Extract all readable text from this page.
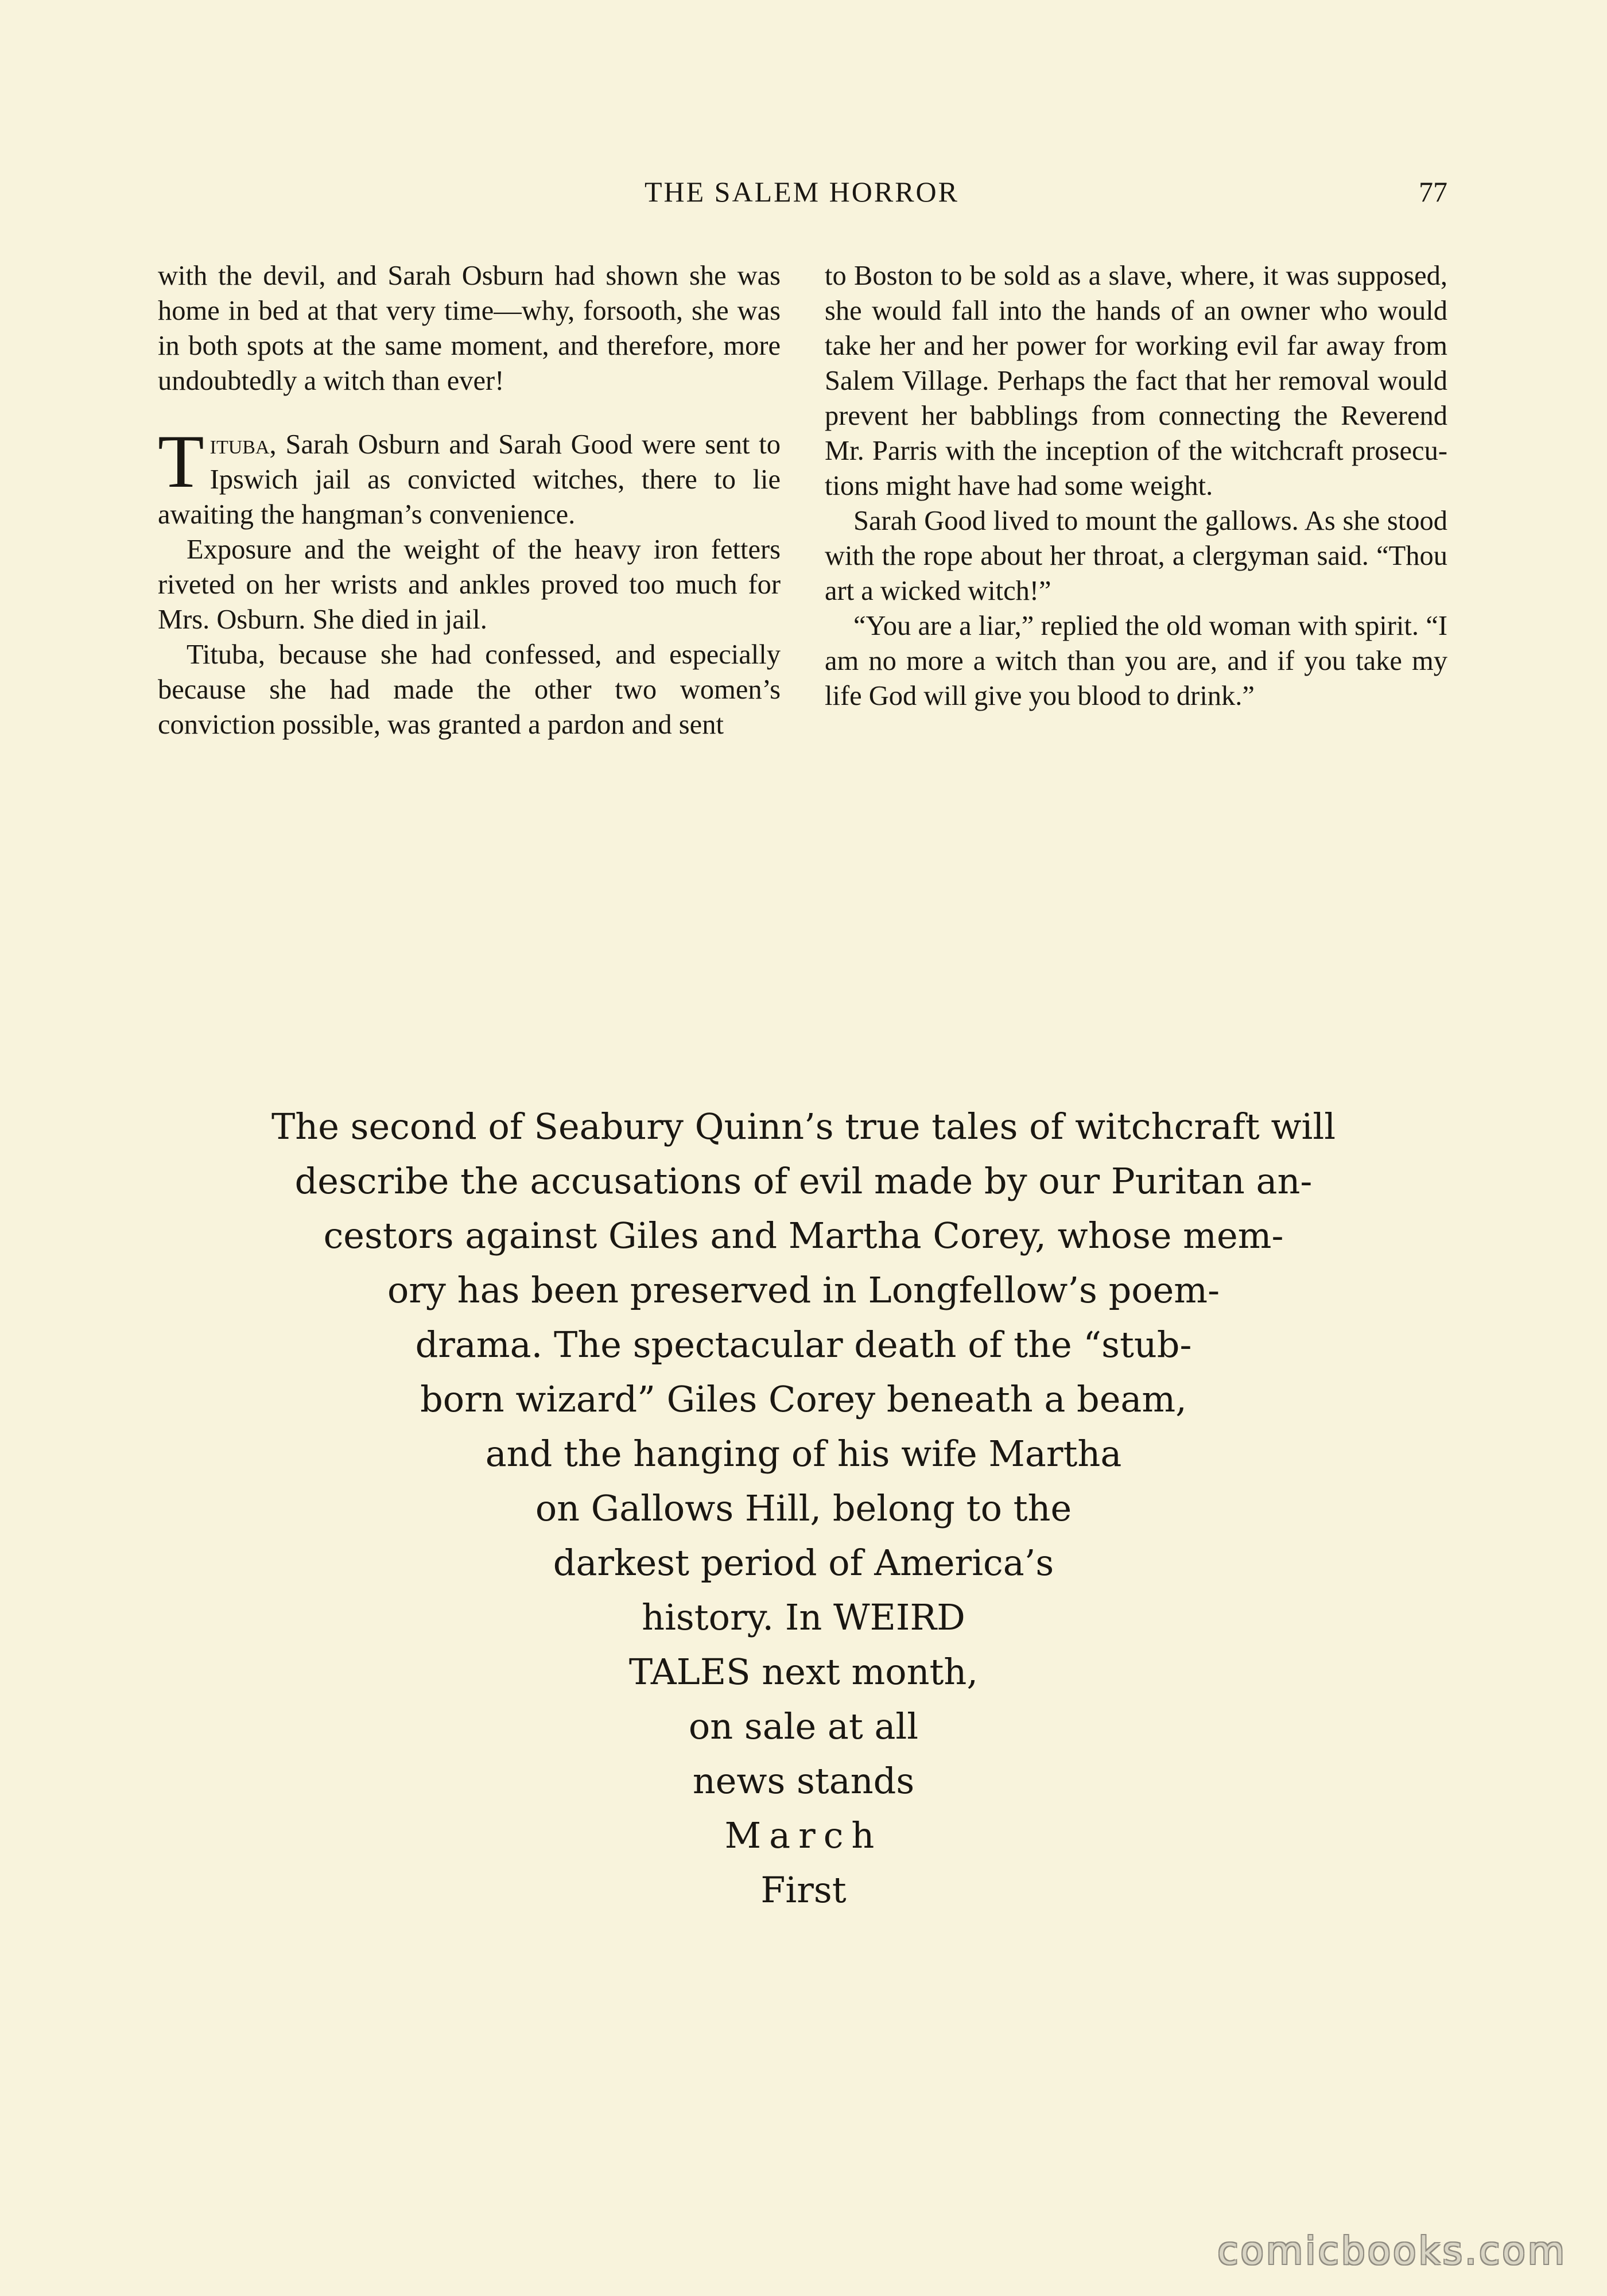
THE SALEM HORROR	77

with the devil, and Sarah Osburn had shown she was home in bed at that very time—why, forsooth, she was in both spots at the same moment, and therefore, more undoubtedly a witch than ever!

Tituba, Sarah Osburn and Sarah Good were sent to Ipswich jail as convicted witches, there to lie awaiting the hangman’s convenience.

Exposure and the weight of the heavy iron fetters riveted on her wrists and ankles proved too much for Mrs. Osburn. She died in jail.

Tituba, because she had confessed, and especially because she had made the other two women’s conviction possible, was granted a pardon and sent

to Boston to be sold as a slave, where, it was supposed, she would fall into the hands of an owner who would take her and her power for working evil far away from Salem Village. Perhaps the fact that her removal would prevent her babblings from connecting the Reverend Mr. Parris with the inception of the witchcraft prosecutions might have had some weight.

Sarah Good lived to mount the gallows. As she stood with the rope about her throat, a clergyman said. “Thou art a wicked witch!”

“You are a liar,” replied the old woman with spirit. “I am no more a witch than you are, and if you take my life God will give you blood to drink.”

The second of Seabury Quinn’s true tales of witchcraft will
describe the accusations of evil made by our Puritan an-
cestors against Giles and Martha Corey, whose mem-
ory has been preserved in Longfellow’s poem-
drama. The spectacular death of the “stub-
born wizard” Giles Corey beneath a beam,
and the hanging of his wife Martha
on Gallows Hill, belong to the
darkest period of America’s
history. In WEIRD
TALES next month,
on sale at all
news stands
March
First
comicbooks.com
